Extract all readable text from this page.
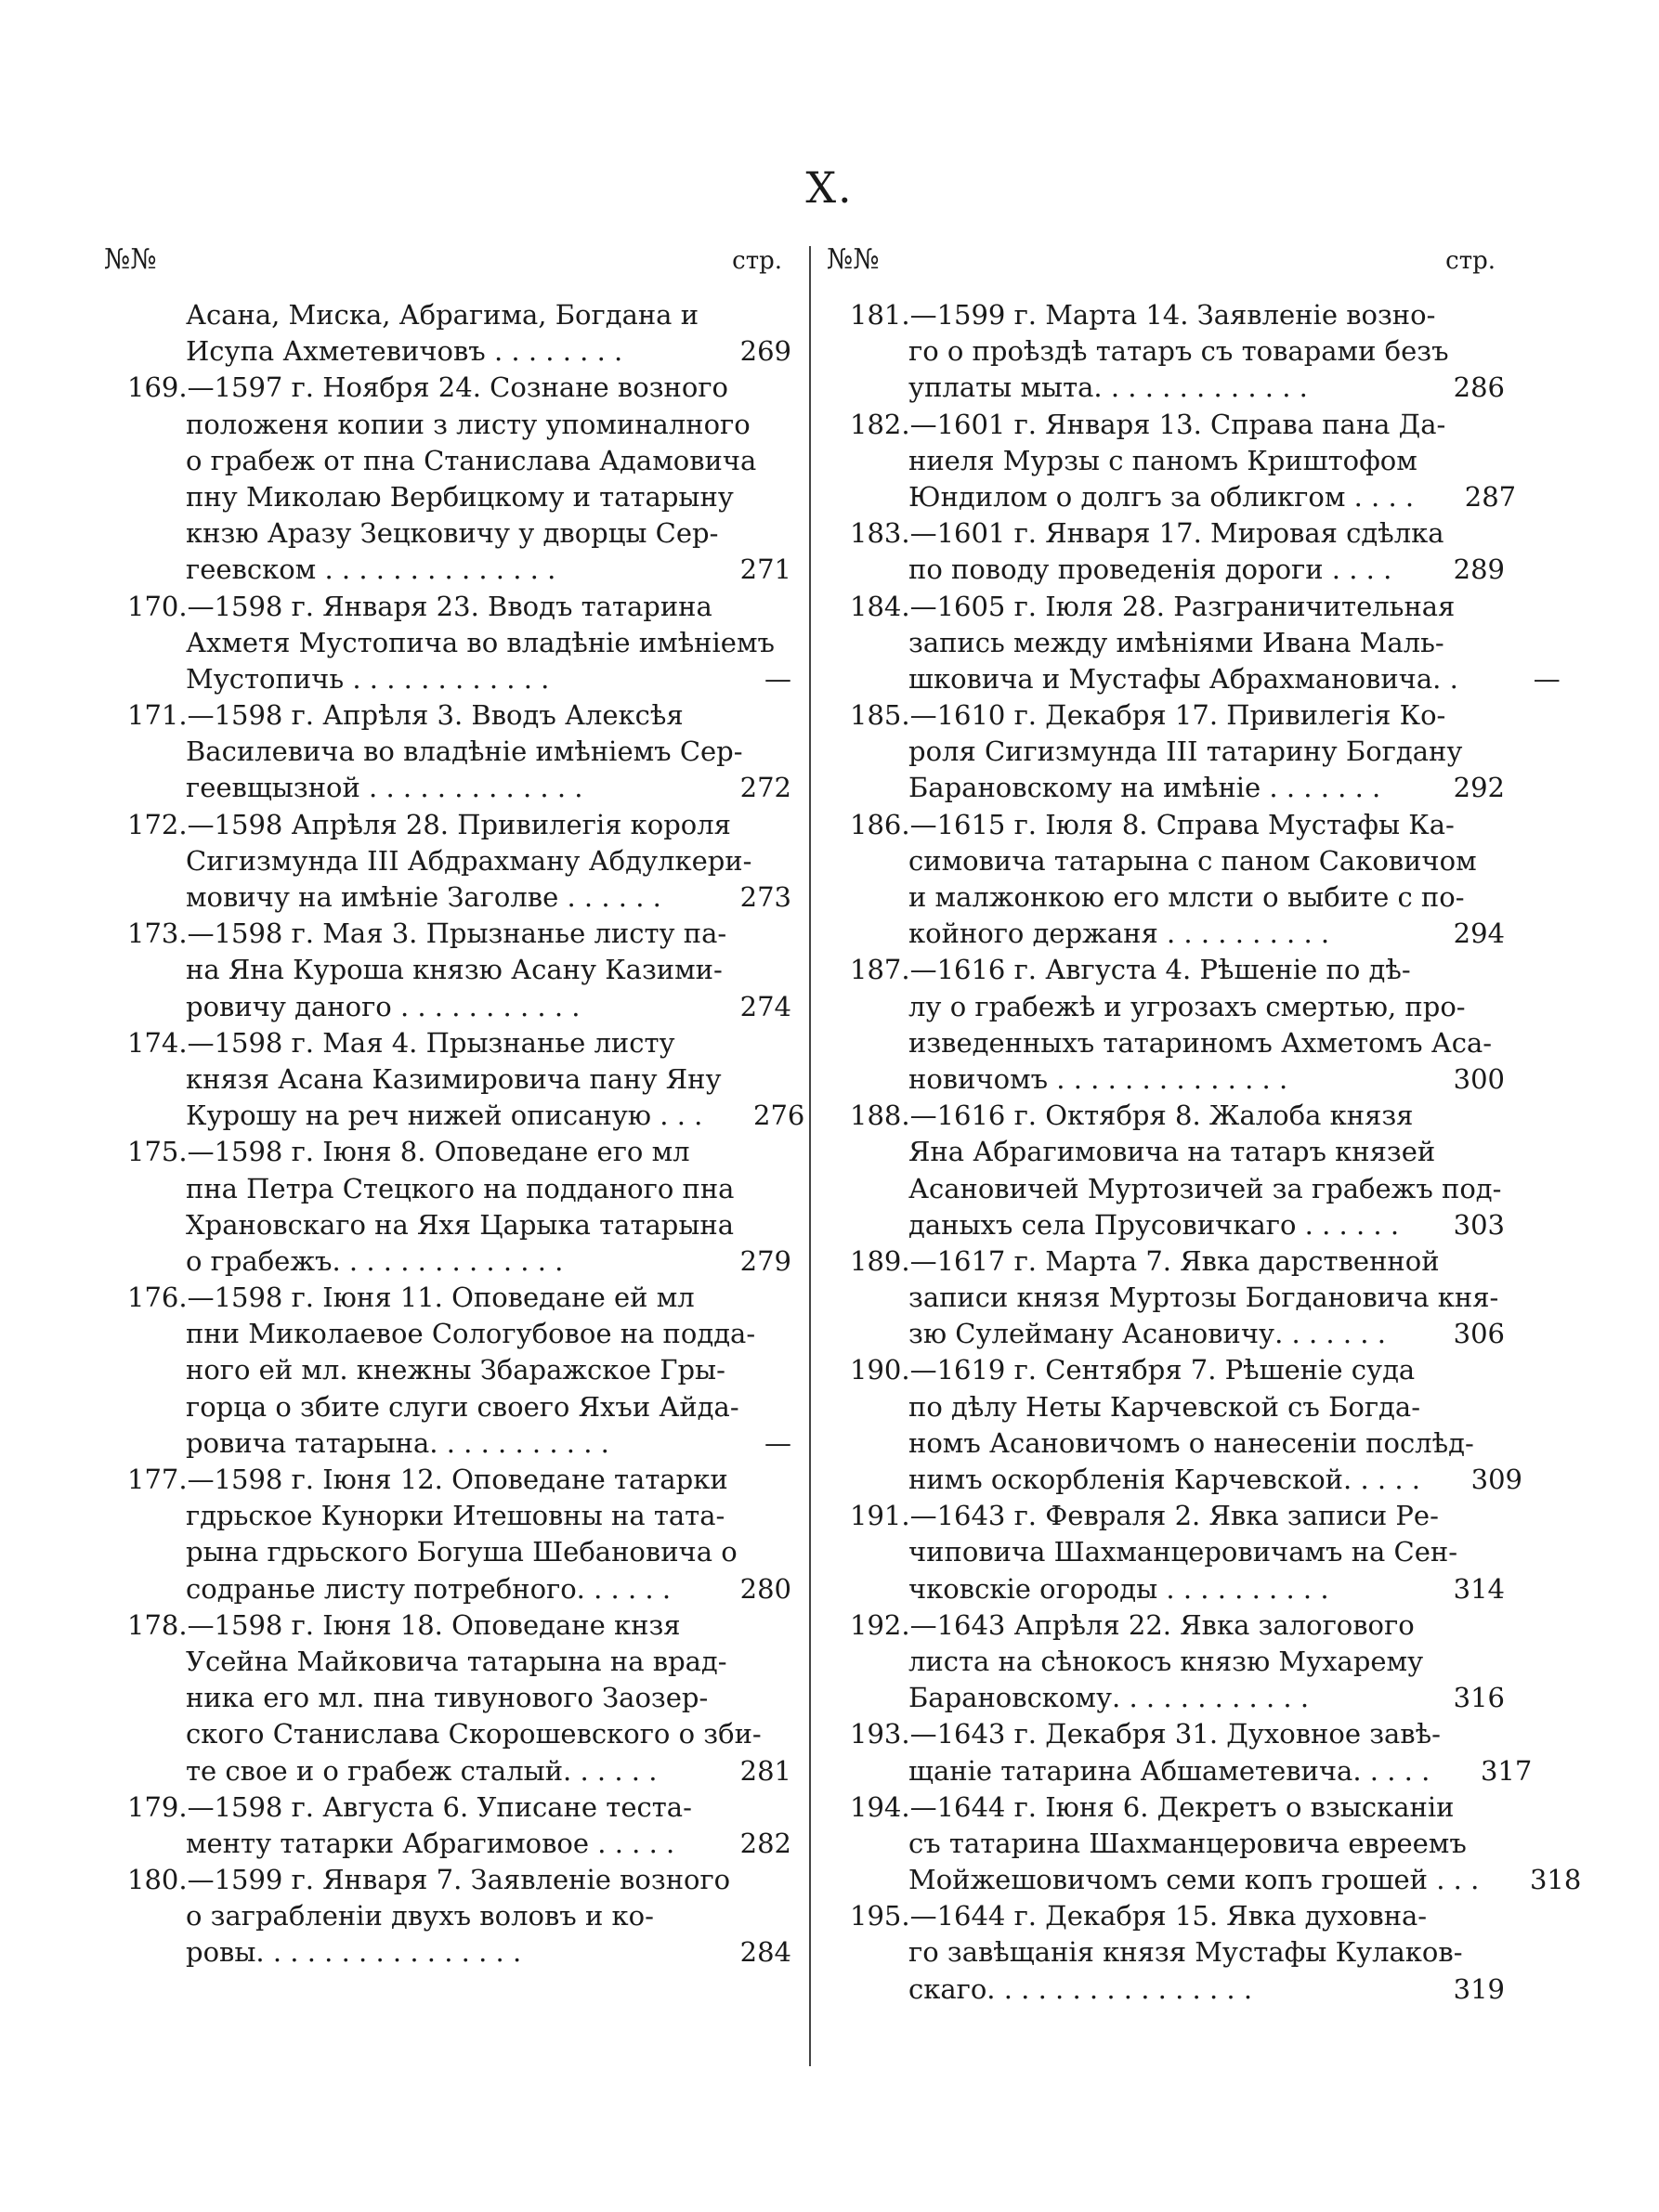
X.
№№	стр.
Асана, Миска, Абрагима, Богдана и
Исупа Ахметевичовъ . . . . . . . .	269
169.—1597 г. Ноября 24. Сознане возного
положеня копии з листу упоминалного
о грабеж от пна Станислава Адамовича
пну Миколаю Вербицкому и татарыну
кнзю Аразу Зецковичу у дворцы Сер-
геевском . . . . . . . . . . . . . .	271
170.—1598 г. Января 23. Вводъ татарина
Ахметя Мустопича во владѣніе имѣніемъ
Мустопичь . . . . . . . . . . . .	—
171.—1598 г. Апрѣля 3. Вводъ Алексѣя
Василевича во владѣніе имѣніемъ Сер-
геевщызной . . . . . . . . . . . . .	272
172.—1598 Апрѣля 28. Привилегія короля
Сигизмунда III Абдрахману Абдулкери-
мовичу на имѣніе Заголве . . . . . .	273
173.—1598 г. Мая 3. Прызнанье листу па-
на Яна Куроша князю Асану Казими-
ровичу даного . . . . . . . . . . .	274
174.—1598 г. Мая 4. Прызнанье листу
князя Асана Казимировича пану Яну
Курошу на реч нижей описаную . . .	276
175.—1598 г. Іюня 8. Оповедане его мл
пна Петра Стецкого на подданого пна
Храновскаго на Яхя Царыка татарына
о грабежъ. . . . . . . . . . . . . .	279
176.—1598 г. Іюня 11. Оповедане ей мл
пни Миколаевое Сологубовое на подда-
ного ей мл. кнежны Збаражское Гры-
горца о збите слуги своего Яхъи Айда-
ровича татарына. . . . . . . . . . .	—
177.—1598 г. Іюня 12. Оповедане татарки
гдрьское Кунорки Итешовны на тата-
рына гдрьского Богуша Шебановича о
содранье листу потребного. . . . . .	280
178.—1598 г. Іюня 18. Оповедане кнзя
Усейна Майковича татарына на врад-
ника его мл. пна тивунового Заозер-
ского Станислава Скорошевского о зби-
те свое и о грабеж сталый. . . . . .	281
179.—1598 г. Августа 6. Уписане теста-
менту татарки Абрагимовое . . . . .	282
180.—1599 г. Января 7. Заявленіе возного
о заграбленіи двухъ воловъ и ко-
ровы. . . . . . . . . . . . . . . .	284
№№	стр.
181.—1599 г. Марта 14. Заявленіе возно-
го о проѣздѣ татаръ съ товарами безъ
уплаты мыта. . . . . . . . . . . . .	286
182.—1601 г. Января 13. Справа пана Да-
ниеля Мурзы с паномъ Криштофом
Юндилом о долгъ за обликгом . . . .	287
183.—1601 г. Января 17. Мировая сдѣлка
по поводу проведенія дороги . . . .	289
184.—1605 г. Іюля 28. Разграничительная
запись между имѣніями Ивана Маль-
шковича и Мустафы Абрахмановича. .	—
185.—1610 г. Декабря 17. Привилегія Ко-
роля Сигизмунда III татарину Богдану
Барановскому на имѣніе . . . . . . .	292
186.—1615 г. Іюля 8. Справа Мустафы Ка-
симовича татарына с паном Саковичом
и малжонкою его млсти о выбите с по-
койного держаня . . . . . . . . . .	294
187.—1616 г. Августа 4. Рѣшеніе по дѣ-
лу о грабежѣ и угрозахъ смертью, про-
изведенныхъ татариномъ Ахметомъ Аса-
новичомъ . . . . . . . . . . . . . .	300
188.—1616 г. Октября 8. Жалоба князя
Яна Абрагимовича на татаръ князей
Асановичей Муртозичей за грабежъ под-
даныхъ села Прусовичкаго . . . . . .	303
189.—1617 г. Марта 7. Явка дарственной
записи князя Муртозы Богдановича кня-
зю Сулейману Асановичу. . . . . . .	306
190.—1619 г. Сентября 7. Рѣшеніе суда
по дѣлу Неты Карчевской съ Богда-
номъ Асановичомъ о нанесеніи послѣд-
нимъ оскорбленія Карчевской. . . . .	309
191.—1643 г. Февраля 2. Явка записи Ре-
чиповича Шахманцеровичамъ на Сен-
чковскіе огороды . . . . . . . . . .	314
192.—1643 Апрѣля 22. Явка залогового
листа на сѣнокосъ князю Мухарему
Барановскому. . . . . . . . . . . .	316
193.—1643 г. Декабря 31. Духовное завѣ-
щаніе татарина Абшаметевича. . . . .	317
194.—1644 г. Іюня 6. Декретъ о взысканіи
съ татарина Шахманцеровича евреемъ
Мойжешовичомъ семи копъ грошей . . .	318
195.—1644 г. Декабря 15. Явка духовна-
го завѣщанія князя Мустафы Кулаков-
скаго. . . . . . . . . . . . . . . .	319
